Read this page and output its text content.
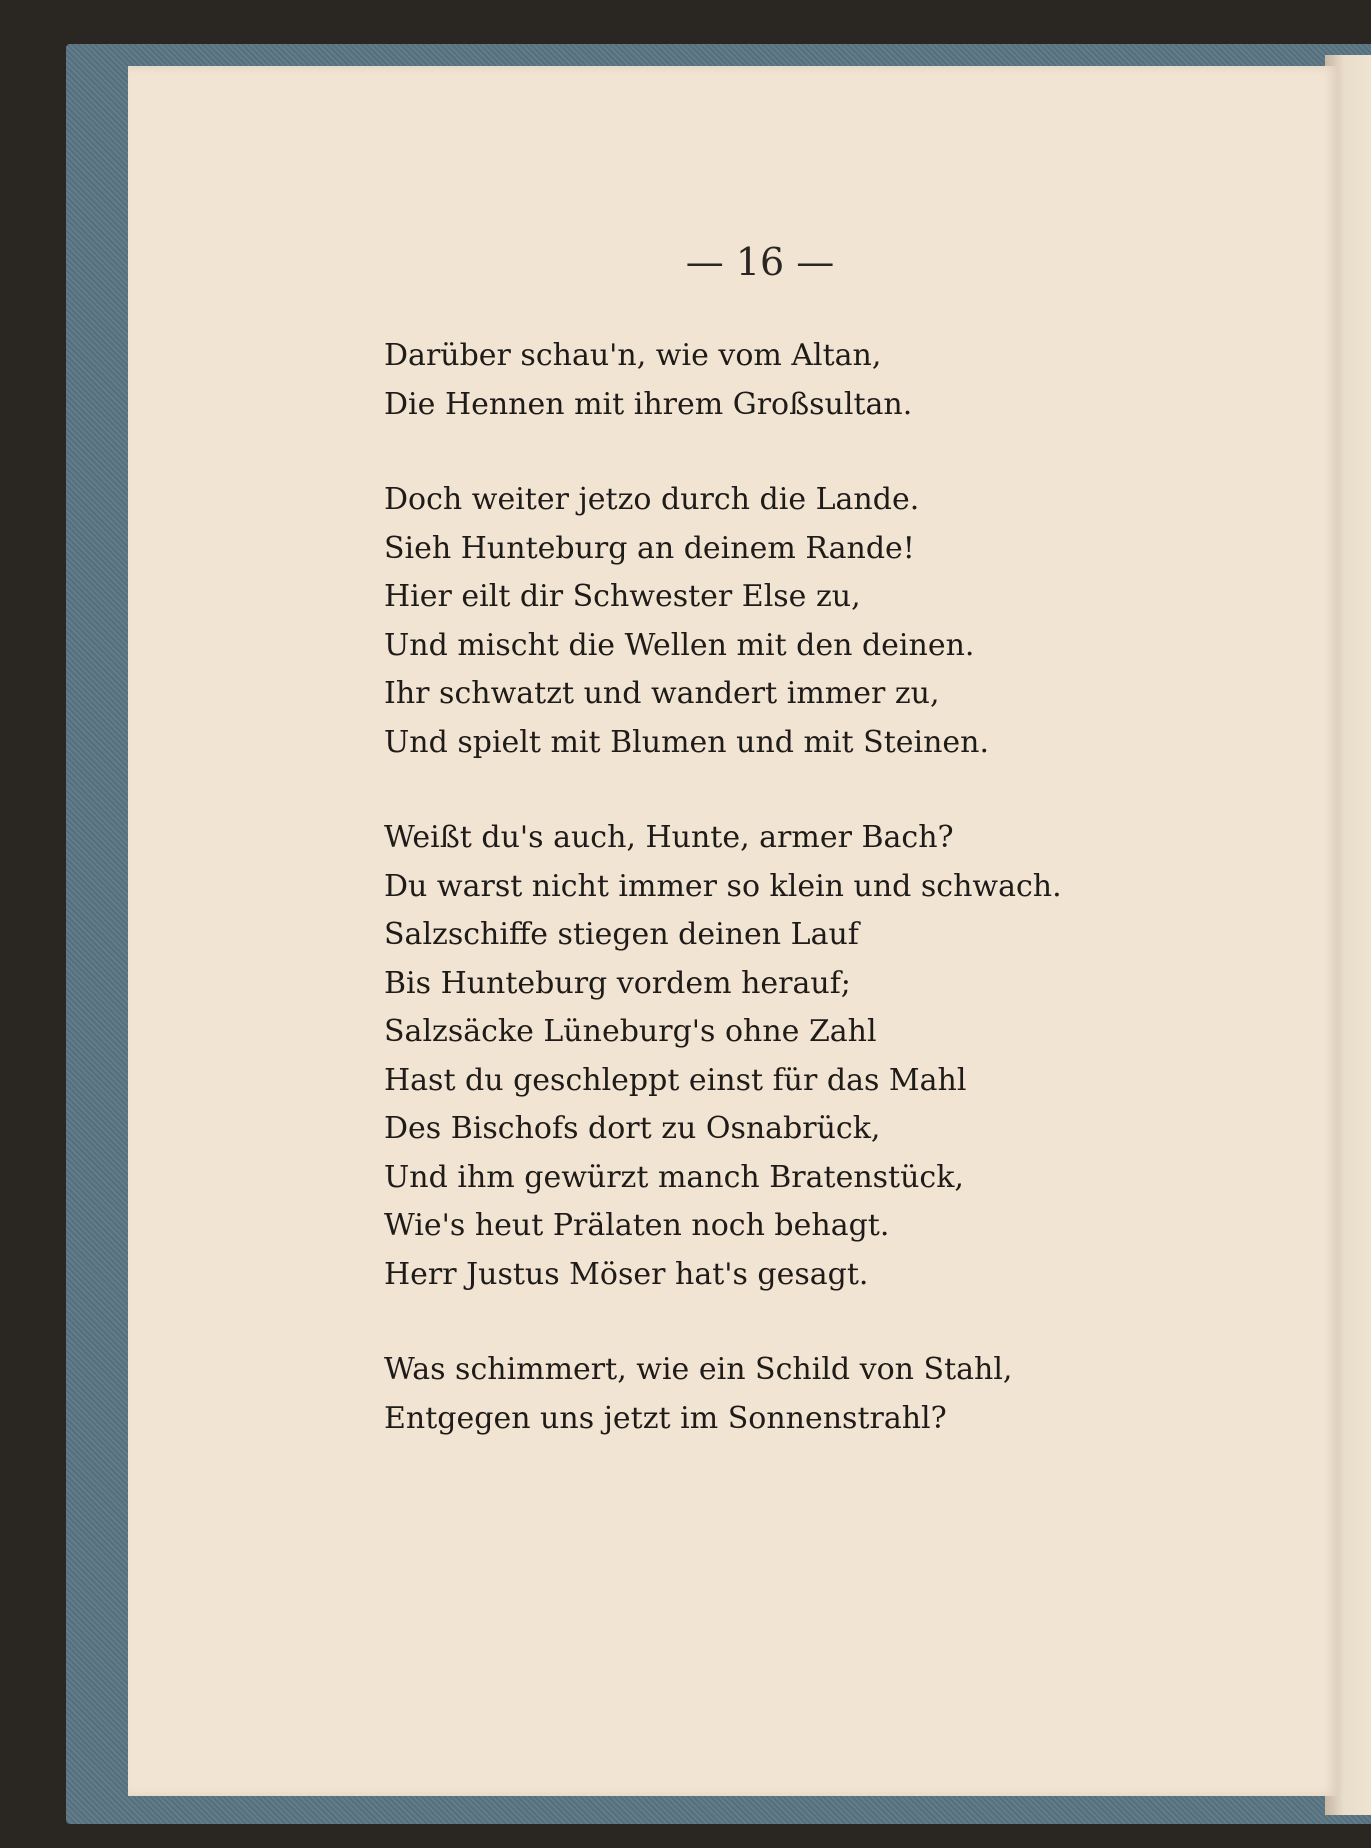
— 16 —
Darüber schau'n, wie vom Altan,
Die Hennen mit ihrem Großsultan.
Doch weiter jetzo durch die Lande.
Sieh Hunteburg an deinem Rande!
Hier eilt dir Schwester Else zu,
Und mischt die Wellen mit den deinen.
Ihr schwatzt und wandert immer zu,
Und spielt mit Blumen und mit Steinen.
Weißt du's auch, Hunte, armer Bach?
Du warst nicht immer so klein und schwach.
Salzschiffe stiegen deinen Lauf
Bis Hunteburg vordem herauf;
Salzsäcke Lüneburg's ohne Zahl
Hast du geschleppt einst für das Mahl
Des Bischofs dort zu Osnabrück,
Und ihm gewürzt manch Bratenstück,
Wie's heut Prälaten noch behagt.
Herr Justus Möser hat's gesagt.
Was schimmert, wie ein Schild von Stahl,
Entgegen uns jetzt im Sonnenstrahl?
